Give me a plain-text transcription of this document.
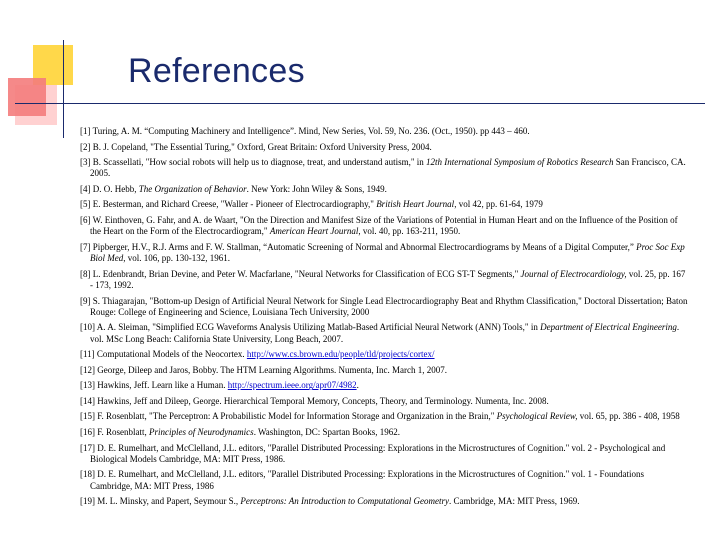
References
[1] Turing, A. M. “Computing Machinery and Intelligence”. Mind, New Series, Vol. 59, No. 236. (Oct., 1950). pp 443 – 460.
[2] B. J. Copeland, "The Essential Turing," Oxford, Great Britain: Oxford University Press, 2004.
[3] B. Scassellati, "How social robots will help us to diagnose, treat, and understand autism," in 12th International Symposium of Robotics Research San Francisco, CA. 2005.
[4] D. O. Hebb, The Organization of Behavior. New York: John Wiley & Sons, 1949.
[5] E. Besterman, and Richard Creese, "Waller - Pioneer of Electrocardiography," British Heart Journal, vol 42, pp. 61-64, 1979
[6] W. Einthoven, G. Fahr, and A. de Waart, "On the Direction and Manifest Size of the Variations of Potential in Human Heart and on the Influence of the Position of the Heart on the Form of the Electrocardiogram," American Heart Journal, vol. 40, pp. 163-211, 1950.
[7] Pipberger, H.V., R.J. Arms and F. W. Stallman, “Automatic Screening of Normal and Abnormal Electrocardiograms by Means of a Digital Computer,” Proc Soc Exp Biol Med, vol. 106, pp. 130-132, 1961.
[8] L. Edenbrandt, Brian Devine, and Peter W. Macfarlane, "Neural Networks for Classification of ECG ST-T Segments," Journal of Electrocardiology, vol. 25, pp. 167 - 173, 1992.
[9] S. Thiagarajan, "Bottom-up Design of Artificial Neural Network for Single Lead Electrocardiography Beat and Rhythm Classification," Doctoral Dissertation; Baton Rouge: College of Engineering and Science, Louisiana Tech University, 2000
[10] A. A. Sleiman, "Simplified ECG Waveforms Analysis Utilizing Matlab-Based Artificial Neural Network (ANN) Tools," in Department of Electrical Engineering. vol. MSc Long Beach: California State University, Long Beach, 2007.
[11] Computational Models of the Neocortex. http://www.cs.brown.edu/people/tld/projects/cortex/
[12] George, Dileep and Jaros, Bobby. The HTM Learning Algorithms. Numenta, Inc. March 1, 2007.
[13] Hawkins, Jeff. Learn like a Human. http://spectrum.ieee.org/apr07/4982.
[14] Hawkins, Jeff and Dileep, George. Hierarchical Temporal Memory, Concepts, Theory, and Terminology. Numenta, Inc. 2008.
[15] F. Rosenblatt, "The Perceptron: A Probabilistic Model for Information Storage and Organization in the Brain," Psychological Review, vol. 65, pp. 386 - 408, 1958
[16] F. Rosenblatt, Principles of Neurodynamics. Washington, DC: Spartan Books, 1962.
[17] D. E. Rumelhart, and McClelland, J.L. editors, "Parallel Distributed Processing: Explorations in the Microstructures of Cognition." vol. 2 - Psychological and Biological Models Cambridge, MA: MIT Press, 1986.
[18] D. E. Rumelhart, and McClelland, J.L. editors, "Parallel Distributed Processing: Explorations in the Microstructures of Cognition." vol. 1 - Foundations Cambridge, MA: MIT Press, 1986
[19] M. L. Minsky, and Papert, Seymour S., Perceptrons: An Introduction to Computational Geometry. Cambridge, MA: MIT Press, 1969.
